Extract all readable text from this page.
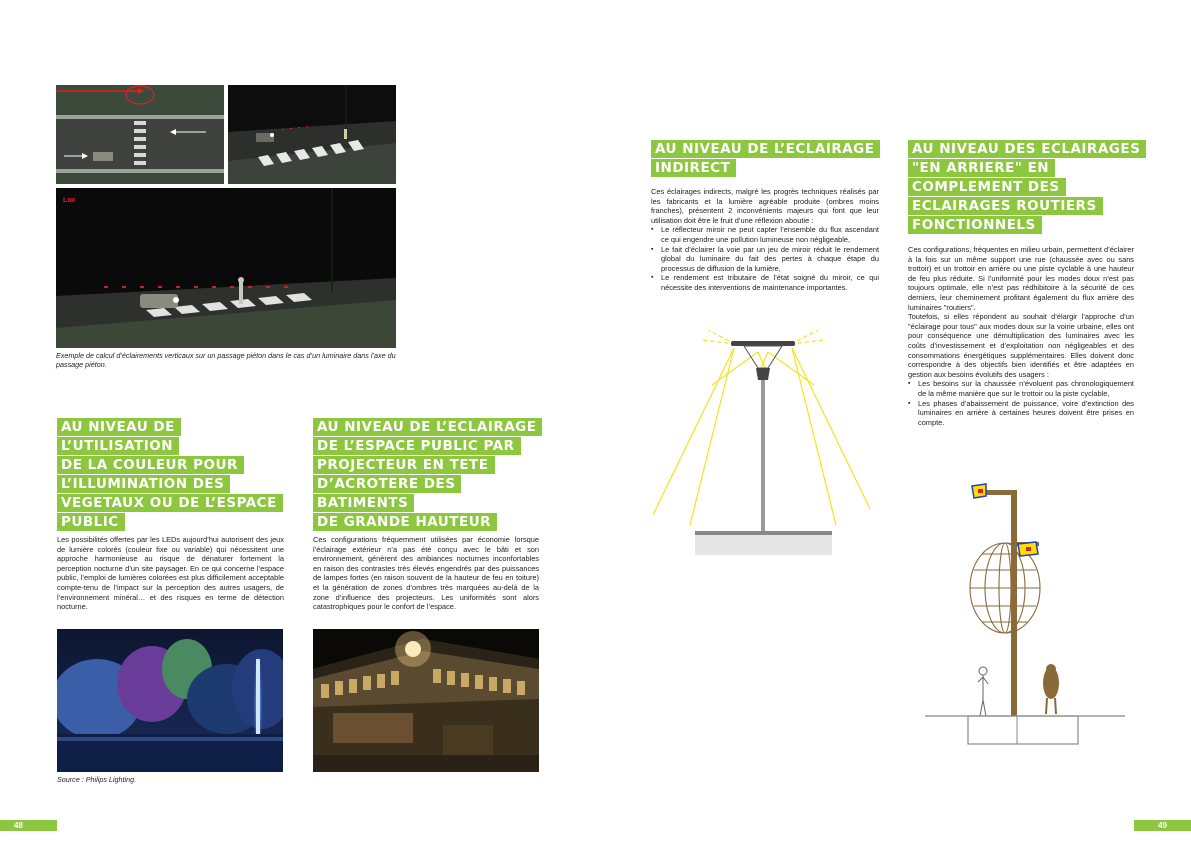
Lux
Exemple de calcul d’éclairements verticaux sur un passage piéton dans le cas d’un luminaire dans l’axe du passage piéton.
AU NIVEAU DE L’UTILISATION
DE LA COULEUR POUR
L’ILLUMINATION DES
VEGETAUX OU DE L’ESPACE
PUBLIC

Les possibilités offertes par les LEDs aujourd’hui autorisent des jeux de lumière colorés (couleur fixe ou variable) qui nécessitent une approche harmonieuse au risque de dénaturer fortement la perception nocturne d’un site paysager. En ce qui concerne l’espace public, l’emploi de lumières colorées est plus difficilement acceptable compte-tenu de l’impact sur la perception des autres usagers, de l’environnement minéral… et des risques en terme de détection nocturne.

AU NIVEAU DE L’ECLAIRAGE
DE L’ESPACE PUBLIC PAR
PROJECTEUR EN TETE
D’ACROTERE DES BATIMENTS
DE GRANDE HAUTEUR

Ces configurations fréquemment utilisées par économie lorsque l’éclairage extérieur n’a pas été conçu avec le bâti et son environnement, génèrent des ambiances nocturnes inconfortables en raison des contrastes très élevés engendrés par des puissances de lampes fortes (en raison souvent de la hauteur de feu en toiture) et la génération de zones d’ombres très marquées au-delà de la zone d’influence des projecteurs. Les uniformités sont alors catastrophiques pour le confort de l’espace.

Source : Philips Lighting.
48
AU NIVEAU DE L’ECLAIRAGE
INDIRECT

Ces éclairages indirects, malgré les progrès techniques réalisés par les fabricants et la lumière agréable produite (ombres moins franches), présentent 2 inconvénients majeurs qui font que leur utilisation doit être le fruit d’une réflexion aboutie :

▪ Le réflecteur miroir ne peut capter l’ensemble du flux ascendant ce qui engendre une pollution lumineuse non négligeable,
▪ Le fait d’éclairer la voie par un jeu de miroir réduit le rendement global du luminaire du fait des pertes à chaque étape du processus de diffusion de la lumière,
▪ Le rendement est tributaire de l’état soigné du miroir, ce qui nécessite des interventions de maintenance importantes.
AU NIVEAU DES ECLAIRAGES
"EN ARRIERE" EN
COMPLEMENT DES
ECLAIRAGES ROUTIERS
FONCTIONNELS

Ces configurations, fréquentes en milieu urbain, permettent d’éclairer à la fois sur un même support une rue (chaussée avec ou sans trottoir) et un trottoir en arrière ou une piste cyclable à une hauteur de feu plus réduite. Si l’uniformité pour les modes doux n’est pas toujours optimale, elle n’est pas rédhibitoire à la sécurité de ces derniers, leur cheminement profitant également du flux arrière des luminaires "routiers".

Toutefois, si elles répondent au souhait d’élargir l’approche d’un "éclairage pour tous" aux modes doux sur la voirie urbaine, elles ont pour conséquence une démultiplication des luminaires avec les coûts d’investissement et d’exploitation non négligeables et des consommations énergétiques supplémentaires. Elles doivent donc correspondre à des objectifs bien identifiés et être adaptées en gestion aux besoins évolutifs des usagers :

▪ Les besoins sur la chaussée n’évoluent pas chronologiquement de la même manière que sur le trottoir ou la piste cyclable,
▪ Les phases d’abaissement de puissance, voire d’extinction des luminaires en arrière à certaines heures doivent être prises en compte.
49
